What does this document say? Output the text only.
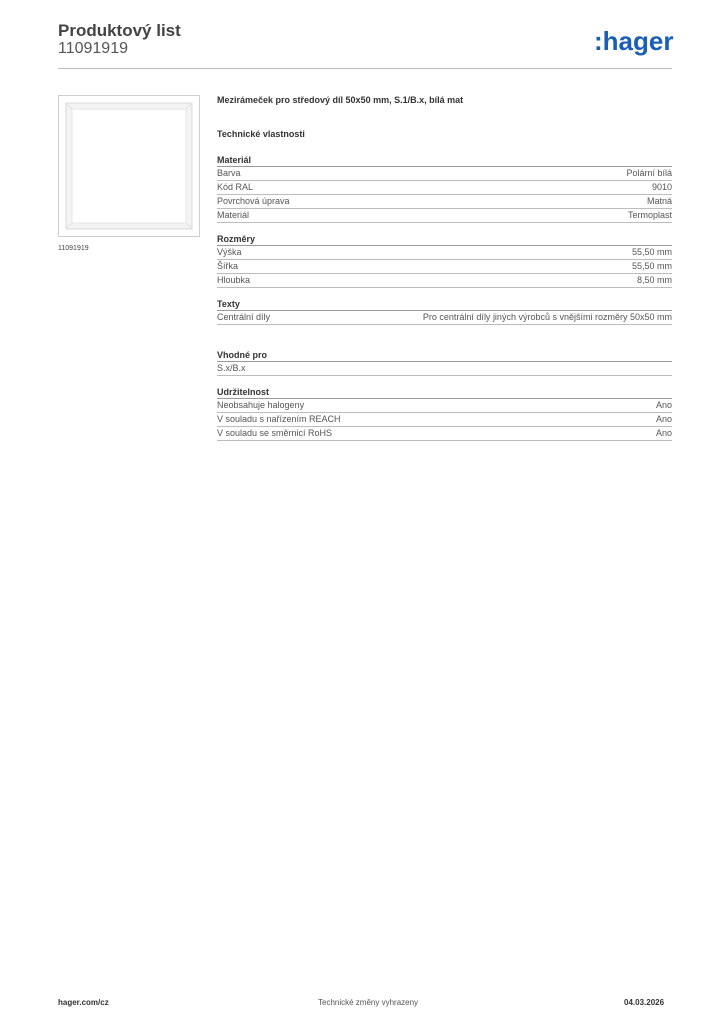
Produktový list
11091919	:hager
11091919
Mezirámeček pro středový díl 50x50 mm, S.1/B.x, bílá mat
Technické vlastnosti
Materiál
Barva	Polární bílá
Kód RAL	9010
Povrchová úprava	Matná
Materiál	Termoplast
Rozměry
Výška	55,50 mm
Šířka	55,50 mm
Hloubka	8,50 mm
Texty
Centrální díly	Pro centrální díly jiných výrobců s vnějšími rozměry 50x50 mm
Vhodné pro
S.x/B.x
Udržitelnost
Neobsahuje halogeny	Ano
V souladu s nařízením REACH	Ano
V souladu se směrnicí RoHS	Ano
hager.com/cz	Technické změny vyhrazeny	04.03.2026
